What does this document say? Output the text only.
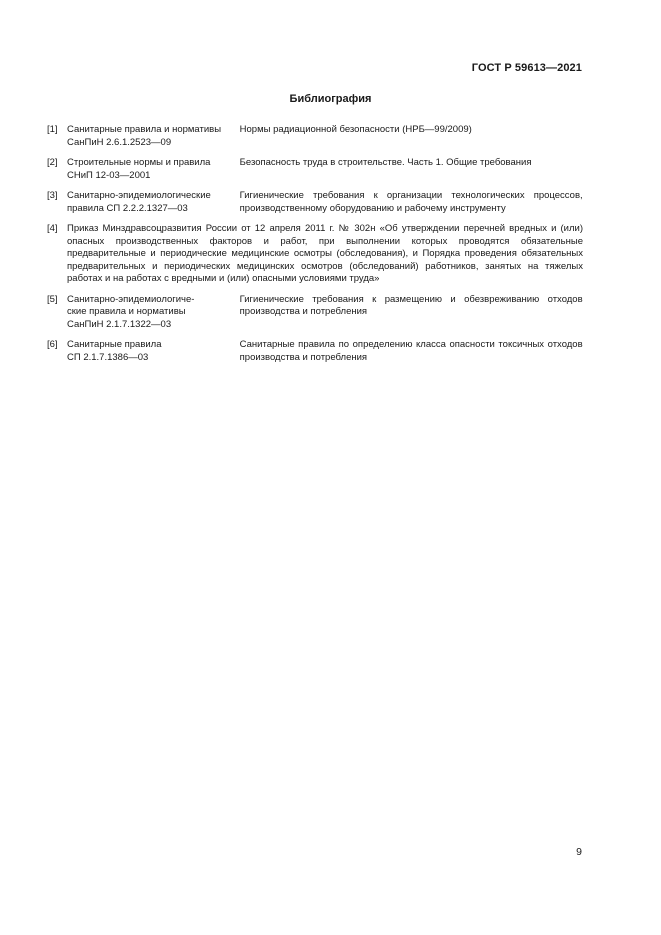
ГОСТ Р 59613—2021
Библиография
[1] Санитарные правила и нормативы
СанПиН 2.6.1.2523—09 Нормы радиационной безопасности (НРБ—99/2009)
[2] Строительные нормы и правила
СНиП 12-03—2001 Безопасность труда в строительстве. Часть 1. Общие требования
[3] Санитарно-эпидемиологические
правила СП 2.2.2.1327—03 Гигиенические требования к организации технологических процессов, производственному оборудованию и рабочему инструменту
[4] Приказ Минздравсоцразвития России от 12 апреля 2011 г. № 302н «Об утверждении перечней вредных и (или) опасных производственных факторов и работ, при выполнении которых проводятся обязательные предварительные и периодические медицинские осмотры (обследования), и Порядка проведения обязательных предварительных и периодических медицинских осмотров (обследований) работников, занятых на тяжелых работах и на работах с вредными и (или) опасными условиями труда»
[5] Санитарно-эпидемиологиче-
ские правила и нормативы
СанПиН 2.1.7.1322—03 Гигиенические требования к размещению и обезвреживанию отходов производства и потребления
[6] Санитарные правила
СП 2.1.7.1386—03 Санитарные правила по определению класса опасности токсичных отходов производства и потребления
9
